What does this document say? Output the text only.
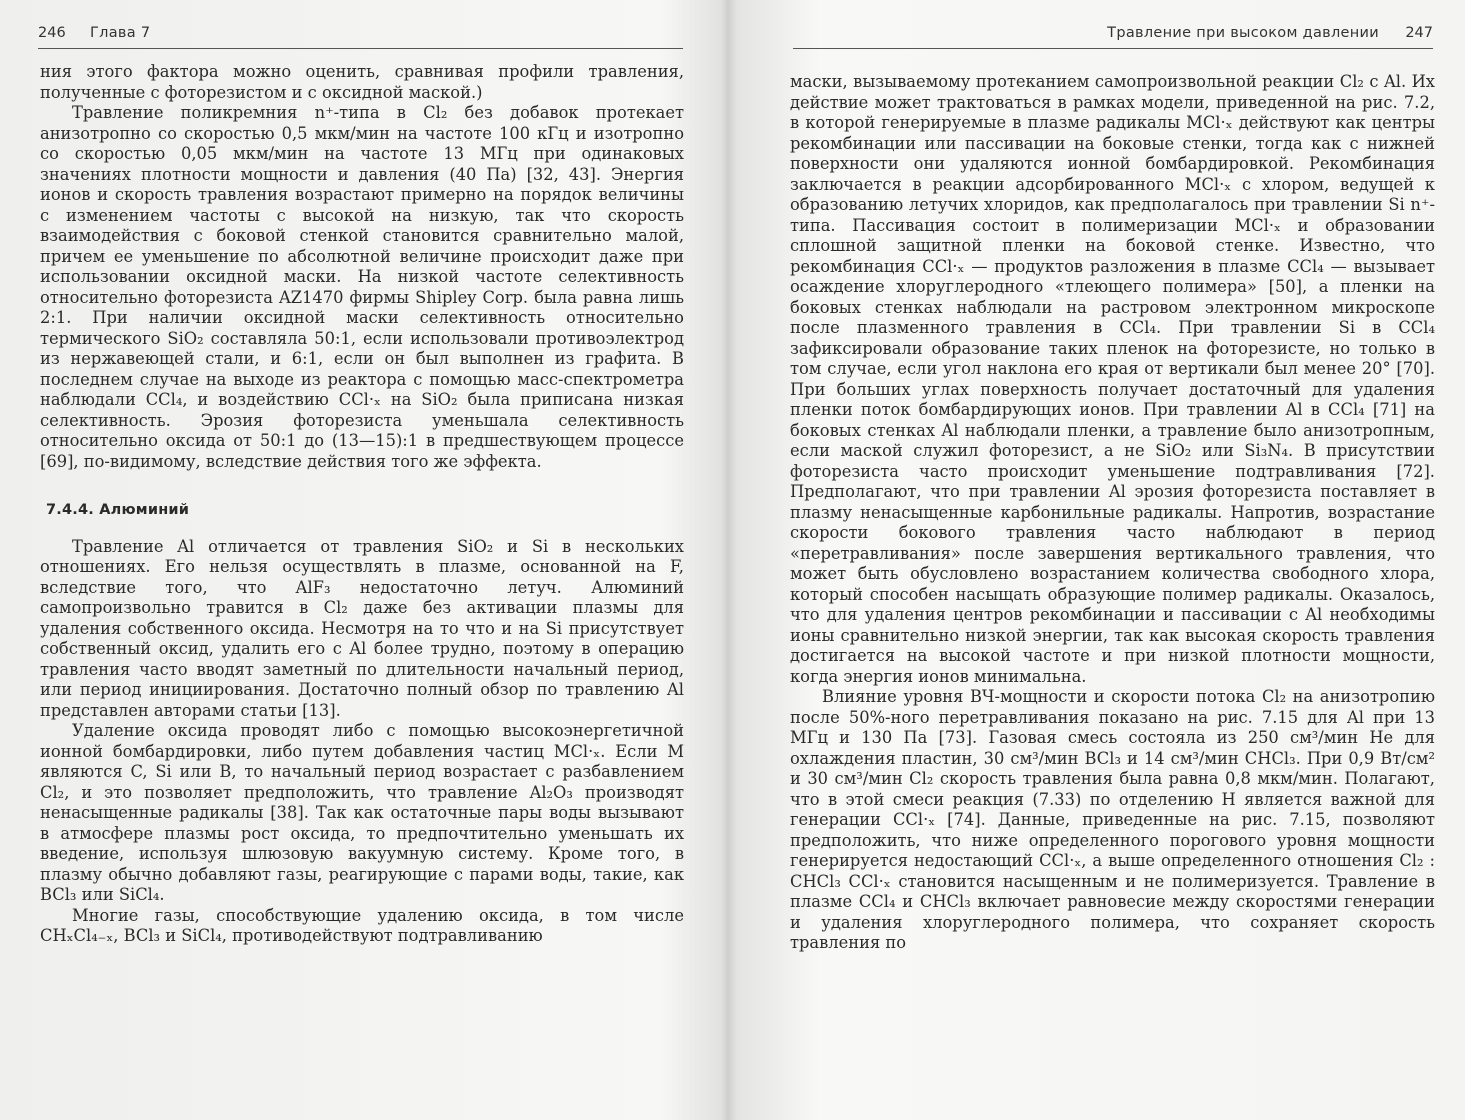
246 Глава 7

ния этого фактора можно оценить, сравнивая профили травления, полученные с фоторезистом и с оксидной маской.)

Травление поликремния n⁺-типа в Cl₂ без добавок протекает анизотропно со скоростью 0,5 мкм/мин на частоте 100 кГц и изотропно со скоростью 0,05 мкм/мин на частоте 13 МГц при одинаковых значениях плотности мощности и давления (40 Па) [32, 43]. Энергия ионов и скорость травления возрастают примерно на порядок величины с изменением частоты с высокой на низкую, так что скорость взаимодействия с боковой стенкой становится сравнительно малой, причем ее уменьшение по абсолютной величине происходит даже при использовании оксидной маски. На низкой частоте селективность относительно фоторезиста AZ1470 фирмы Shipley Corp. была равна лишь 2:1. При наличии оксидной маски селективность относительно термического SiO₂ составляла 50:1, если использовали противоэлектрод из нержавеющей стали, и 6:1, если он был выполнен из графита. В последнем случае на выходе из реактора с помощью масс-спектрометра наблюдали CCl₄, и воздействию CCl·ₓ на SiO₂ была приписана низкая селективность. Эрозия фоторезиста уменьшала селективность относительно оксида от 50:1 до (13—15):1 в предшествующем процессе [69], по-видимому, вследствие действия того же эффекта.

7.4.4. Алюминий

Травление Al отличается от травления SiO₂ и Si в нескольких отношениях. Его нельзя осуществлять в плазме, основанной на F, вследствие того, что AlF₃ недостаточно летуч. Алюминий самопроизвольно травится в Cl₂ даже без активации плазмы для удаления собственного оксида. Несмотря на то что и на Si присутствует собственный оксид, удалить его с Al более трудно, поэтому в операцию травления часто вводят заметный по длительности начальный период, или период инициирования. Достаточно полный обзор по травлению Al представлен авторами статьи [13].

Удаление оксида проводят либо с помощью высокоэнергетичной ионной бомбардировки, либо путем добавления частиц MCl·ₓ. Если M являются C, Si или B, то начальный период возрастает с разбавлением Cl₂, и это позволяет предположить, что травление Al₂O₃ производят ненасыщенные радикалы [38]. Так как остаточные пары воды вызывают в атмосфере плазмы рост оксида, то предпочтительно уменьшать их введение, используя шлюзовую вакуумную систему. Кроме того, в плазму обычно добавляют газы, реагирующие с парами воды, такие, как BCl₃ или SiCl₄.

Многие газы, способствующие удалению оксида, в том числе CHₓCl₄₋ₓ, BCl₃ и SiCl₄, противодействуют подтравливанию

Травление при высоком давлении 247

маски, вызываемому протеканием самопроизвольной реакции Cl₂ с Al. Их действие может трактоваться в рамках модели, приведенной на рис. 7.2, в которой генерируемые в плазме радикалы MCl·ₓ действуют как центры рекомбинации или пассивации на боковые стенки, тогда как с нижней поверхности они удаляются ионной бомбардировкой. Рекомбинация заключается в реакции адсорбированного MCl·ₓ с хлором, ведущей к образованию летучих хлоридов, как предполагалось при травлении Si n⁺-типа. Пассивация состоит в полимеризации MCl·ₓ и образовании сплошной защитной пленки на боковой стенке. Известно, что рекомбинация CCl·ₓ — продуктов разложения в плазме CCl₄ — вызывает осаждение хлоруглеродного «тлеющего полимера» [50], а пленки на боковых стенках наблюдали на растровом электронном микроскопе после плазменного травления в CCl₄. При травлении Si в CCl₄ зафиксировали образование таких пленок на фоторезисте, но только в том случае, если угол наклона его края от вертикали был менее 20° [70]. При больших углах поверхность получает достаточный для удаления пленки поток бомбардирующих ионов. При травлении Al в CCl₄ [71] на боковых стенках Al наблюдали пленки, а травление было анизотропным, если маской служил фоторезист, а не SiO₂ или Si₃N₄. В присутствии фоторезиста часто происходит уменьшение подтравливания [72]. Предполагают, что при травлении Al эрозия фоторезиста поставляет в плазму ненасыщенные карбонильные радикалы. Напротив, возрастание скорости бокового травления часто наблюдают в период «перетравливания» после завершения вертикального травления, что может быть обусловлено возрастанием количества свободного хлора, который способен насыщать образующие полимер радикалы. Оказалось, что для удаления центров рекомбинации и пассивации с Al необходимы ионы сравнительно низкой энергии, так как высокая скорость травления достигается на высокой частоте и при низкой плотности мощности, когда энергия ионов минимальна.

Влияние уровня ВЧ-мощности и скорости потока Cl₂ на анизотропию после 50%-ного перетравливания показано на рис. 7.15 для Al при 13 МГц и 130 Па [73]. Газовая смесь состояла из 250 см³/мин He для охлаждения пластин, 30 см³/мин BCl₃ и 14 см³/мин CHCl₃. При 0,9 Вт/см² и 30 см³/мин Cl₂ скорость травления была равна 0,8 мкм/мин. Полагают, что в этой смеси реакция (7.33) по отделению H является важной для генерации CCl·ₓ [74]. Данные, приведенные на рис. 7.15, позволяют предположить, что ниже определенного порогового уровня мощности генерируется недостающий CCl·ₓ, а выше определенного отношения Cl₂ : CHCl₃ CCl·ₓ становится насыщенным и не полимеризуется. Травление в плазме CCl₄ и CHCl₃ включает равновесие между скоростями генерации и удаления хлоруглеродного полимера, что сохраняет скорость травления по
